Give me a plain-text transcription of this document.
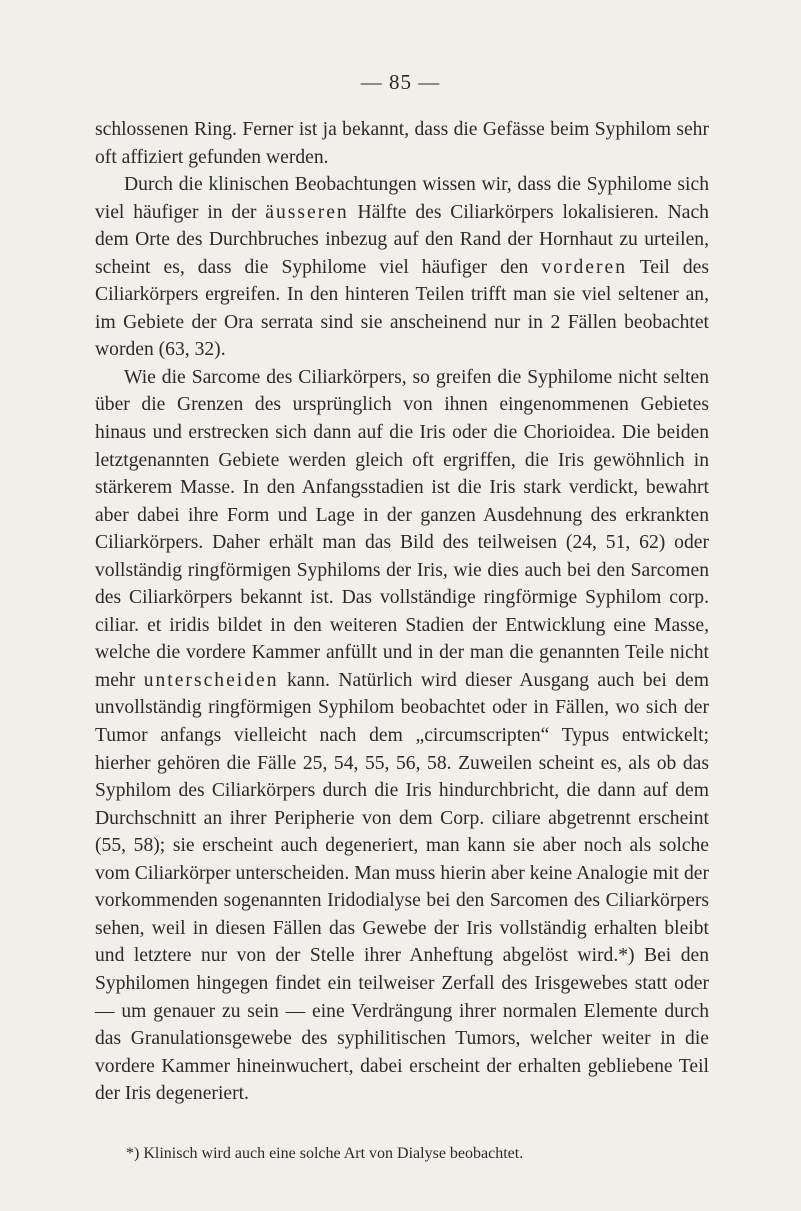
— 85 —

schlossenen Ring. Ferner ist ja bekannt, dass die Gefässe beim Syphilom sehr oft affiziert gefunden werden.

Durch die klinischen Beobachtungen wissen wir, dass die Syphilome sich viel häufiger in der äusseren Hälfte des Ciliarkörpers lokalisieren. Nach dem Orte des Durchbruches inbezug auf den Rand der Hornhaut zu urteilen, scheint es, dass die Syphilome viel häufiger den vorderen Teil des Ciliarkörpers ergreifen. In den hinteren Teilen trifft man sie viel seltener an, im Gebiete der Ora serrata sind sie anscheinend nur in 2 Fällen beobachtet worden (63, 32).

Wie die Sarcome des Ciliarkörpers, so greifen die Syphilome nicht selten über die Grenzen des ursprünglich von ihnen eingenommenen Gebietes hinaus und erstrecken sich dann auf die Iris oder die Chorioidea. Die beiden letztgenannten Gebiete werden gleich oft ergriffen, die Iris gewöhnlich in stärkerem Masse. In den Anfangsstadien ist die Iris stark verdickt, bewahrt aber dabei ihre Form und Lage in der ganzen Ausdehnung des erkrankten Ciliarkörpers. Daher erhält man das Bild des teilweisen (24, 51, 62) oder vollständig ringförmigen Syphiloms der Iris, wie dies auch bei den Sarcomen des Ciliarkörpers bekannt ist. Das vollständige ringförmige Syphilom corp. ciliar. et iridis bildet in den weiteren Stadien der Entwicklung eine Masse, welche die vordere Kammer anfüllt und in der man die genannten Teile nicht mehr unterscheiden kann. Natürlich wird dieser Ausgang auch bei dem unvollständig ringförmigen Syphilom beobachtet oder in Fällen, wo sich der Tumor anfangs vielleicht nach dem „circumscripten“ Typus entwickelt; hierher gehören die Fälle 25, 54, 55, 56, 58. Zuweilen scheint es, als ob das Syphilom des Ciliarkörpers durch die Iris hindurchbricht, die dann auf dem Durchschnitt an ihrer Peripherie von dem Corp. ciliare abgetrennt erscheint (55, 58); sie erscheint auch degeneriert, man kann sie aber noch als solche vom Ciliarkörper unterscheiden. Man muss hierin aber keine Analogie mit der vorkommenden sogenannten Iridodialyse bei den Sarcomen des Ciliarkörpers sehen, weil in diesen Fällen das Gewebe der Iris vollständig erhalten bleibt und letztere nur von der Stelle ihrer Anheftung abgelöst wird.*) Bei den Syphilomen hingegen findet ein teilweiser Zerfall des Irisgewebes statt oder — um genauer zu sein — eine Verdrängung ihrer normalen Elemente durch das Granulationsgewebe des syphilitischen Tumors, welcher weiter in die vordere Kammer hineinwuchert, dabei erscheint der erhalten gebliebene Teil der Iris degeneriert.

*) Klinisch wird auch eine solche Art von Dialyse beobachtet.
